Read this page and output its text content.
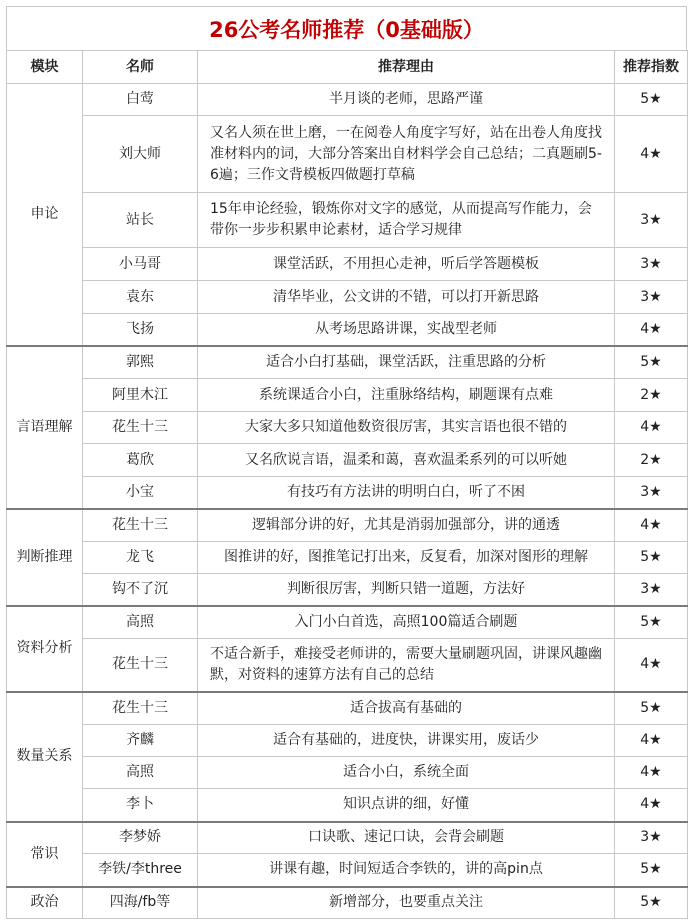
26公考名师推荐（0基础版）
模块	名师	推荐理由	推荐指数
申论	白莺	半月谈的老师，思路严谨	5★
	刘大师	又名人须在世上磨，一在阅卷人角度字写好，站在出卷人角度找准材料内的词，大部分答案出自材料学会自己总结；二真题刷5-6遍；三作文背模板四做题打草稿	4★
	站长	15年申论经验，锻炼你对文字的感觉，从而提高写作能力，会带你一步步积累申论素材，适合学习规律	3★
	小马哥	课堂活跃，不用担心走神，听后学答题模板	3★
	袁东	清华毕业，公文讲的不错，可以打开新思路	3★
	飞扬	从考场思路讲课，实战型老师	4★
言语理解	郭熙	适合小白打基础，课堂活跃，注重思路的分析	5★
	阿里木江	系统课适合小白，注重脉络结构，刷题课有点难	2★
	花生十三	大家大多只知道他数资很厉害，其实言语也很不错的	4★
	葛欣	又名欣说言语，温柔和蔼，喜欢温柔系列的可以听她	2★
	小宝	有技巧有方法讲的明明白白，听了不困	3★
判断推理	花生十三	逻辑部分讲的好，尤其是消弱加强部分，讲的通透	4★
	龙飞	图推讲的好，图推笔记打出来，反复看，加深对图形的理解	5★
	钩不了沉	判断很厉害，判断只错一道题，方法好	3★
资料分析	高照	入门小白首选，高照100篇适合刷题	5★
	花生十三	不适合新手，难接受老师讲的，需要大量刷题巩固，讲课风趣幽默，对资料的速算方法有自己的总结	4★
数量关系	花生十三	适合拔高有基础的	5★
	齐麟	适合有基础的，进度快，讲课实用，废话少	4★
	高照	适合小白，系统全面	4★
	李卜	知识点讲的细，好懂	4★
常识	李梦娇	口诀歌、速记口诀，会背会刷题	3★
	李铁/李three	讲课有趣，时间短适合李铁的，讲的高pin点	5★
政治	四海/fb等	新增部分，也要重点关注	5★
